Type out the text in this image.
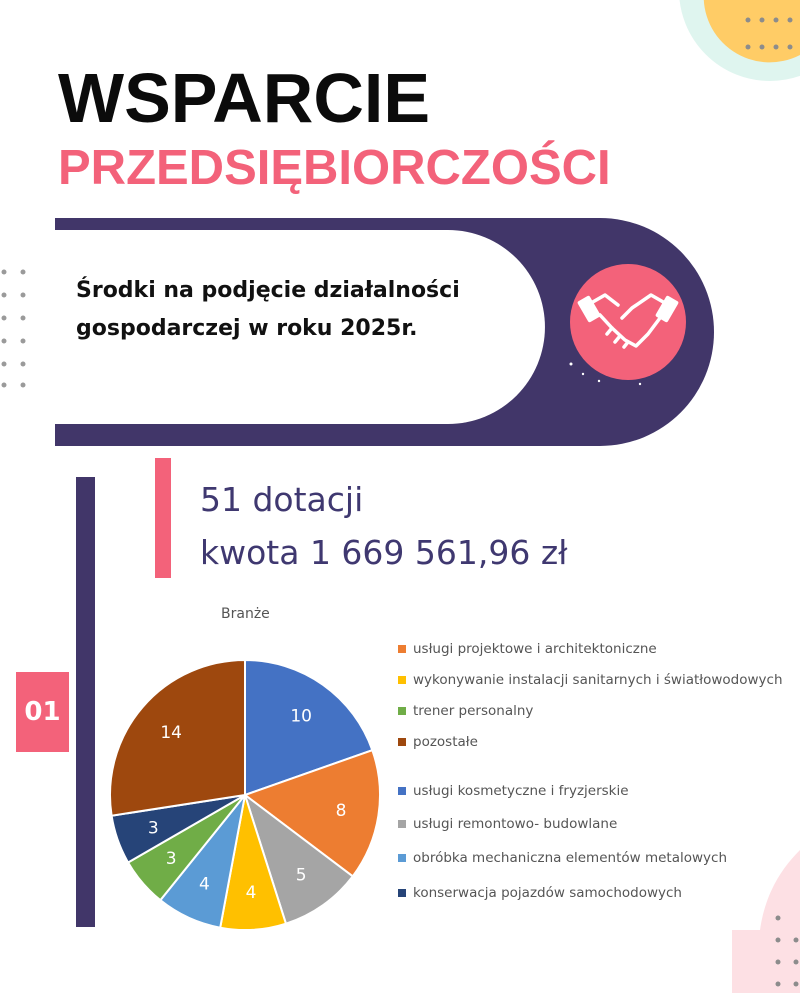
WSPARCIE
PRZEDSIĘBIORCZOŚCI
Środki na podjęcie działalności gospodarczej w roku 2025r.
51 dotacji
kwota 1 669 561,96 zł
01
Branże
10
8
5
4
4
3
3
14
usługi projektowe i architektoniczne
wykonywanie instalacji sanitarnych i światłowodowych
trener personalny
pozostałe
usługi kosmetyczne i fryzjerskie
usługi remontowo- budowlane
obróbka mechaniczna elementów metalowych
konserwacja pojazdów samochodowych
